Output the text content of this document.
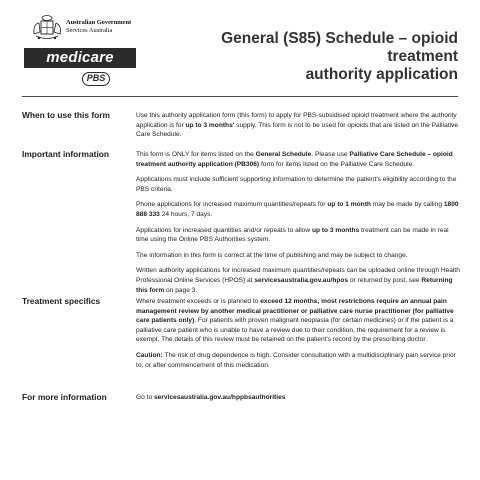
Australian Government
Services Australia
medicare
PBS
General (S85) Schedule – opioid treatment
authority application
When to use this form	Use this authority application form (this form) to apply for PBS-subsidised opioid treatment where the authority application is for up to 3 months' supply. This form is not to be used for opioids that are listed on the Palliative Care Schedule.

Important information	This form is ONLY for items listed on the General Schedule. Please use Palliative Care Schedule – opioid treatment authority application (PB306) form for items listed on the Palliative Care Schedule.

Applications must include sufficient supporting information to determine the patient's eligibility according to the PBS criteria.

Phone applications for increased maximum quantities/repeats for up to 1 month may be made by calling 1800 888 333 24 hours, 7 days.

Applications for increased quantities and/or repeats to allow up to 3 months treatment can be made in real time using the Online PBS Authorities system.

The information in this form is correct at the time of publishing and may be subject to change.

Written authority applications for increased maximum quantities/repeats can be uploaded online through Health Professional Online Services (HPOS) at servicesaustralia.gov.au/hpos or returned by post, see Returning this form on page 3.

Treatment specifics	Where treatment exceeds or is planned to exceed 12 months, most restrictions require an annual pain management review by another medical practitioner or palliative care nurse practitioner (for palliative care patients only). For patients with proven malignant neoplasia (for certain medicines) or if the patient is a palliative care patient who is unable to have a review due to their condition, the requirement for a review is exempt. The details of this review must be retained on the patient's record by the prescribing doctor.

Caution: The risk of drug dependence is high. Consider consultation with a multidisciplinary pain service prior to, or after commencement of this medication.

For more information	Go to servicesaustralia.gov.au/hppbsauthorities
